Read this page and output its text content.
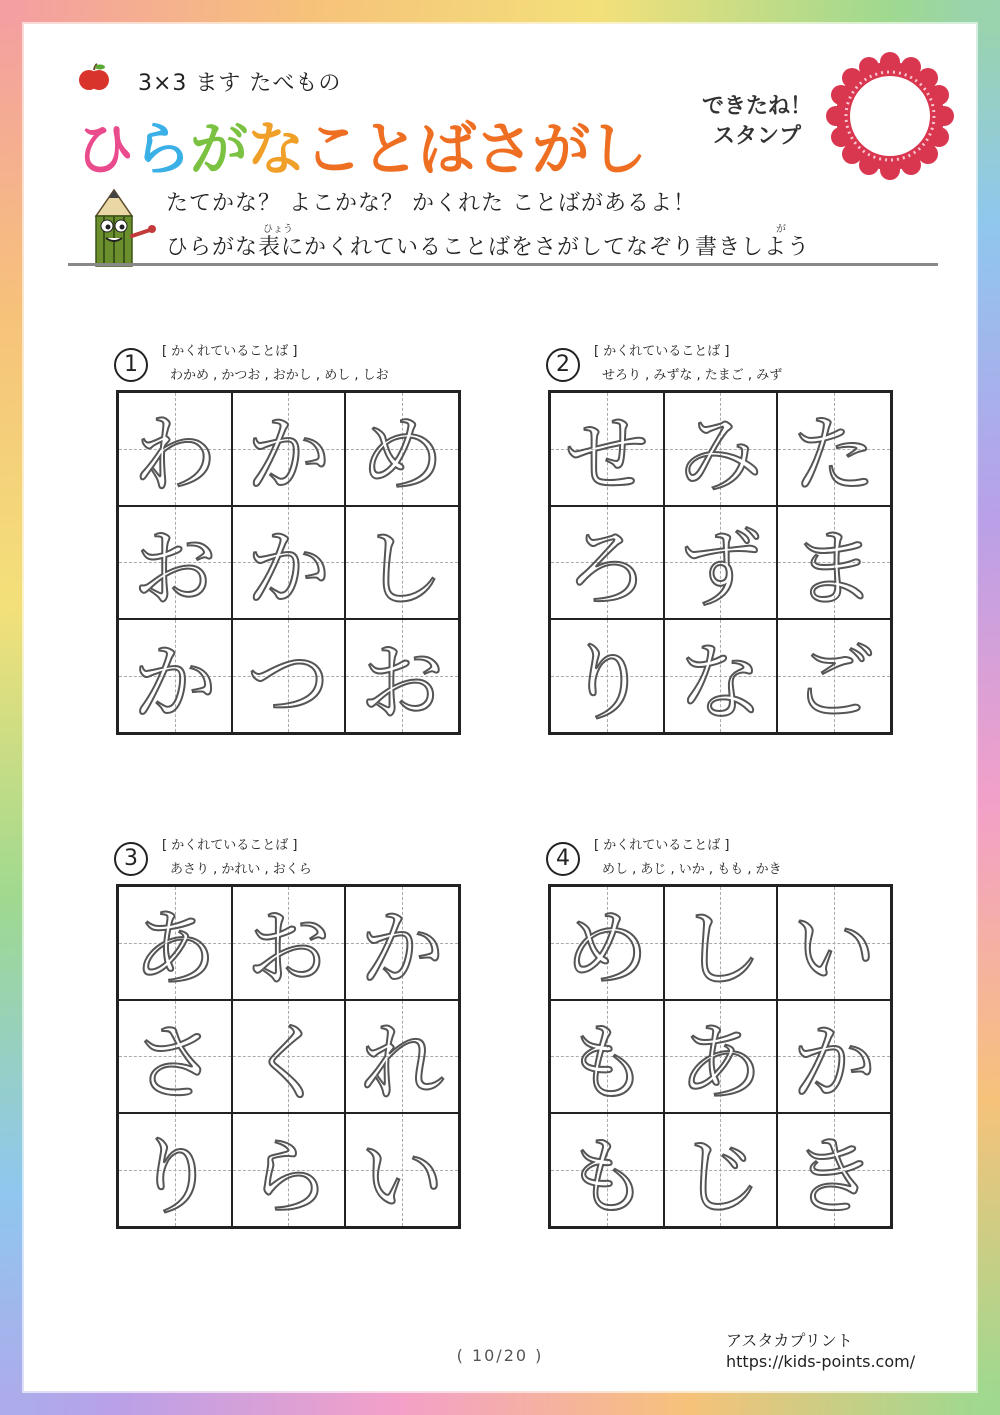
3×3 ます たべもの
ひらがなことばさがし
できたね！
スタンプ
たてかな？ よこかな？ かくれた ことばがあるよ！
ひょう	が
ひらがな表にかくれていることばをさがしてなぞり書きしよう
1
[ かくれていることば ]
わかめ , かつお , おかし , めし , しお
わ か め
お か し
か つ お
2
[ かくれていることば ]
せろり , みずな , たまご , みず
せ み た
ろ ず ま
り な ご
3
[ かくれていることば ]
あさり , かれい , おくら
あ お か
さ く れ
り ら い
4
[ かくれていることば ]
めし , あじ , いか , もも , かき
め し い
も あ か
も じ き
( 10/20 )
アスタカプリント
https://kids-points.com/
